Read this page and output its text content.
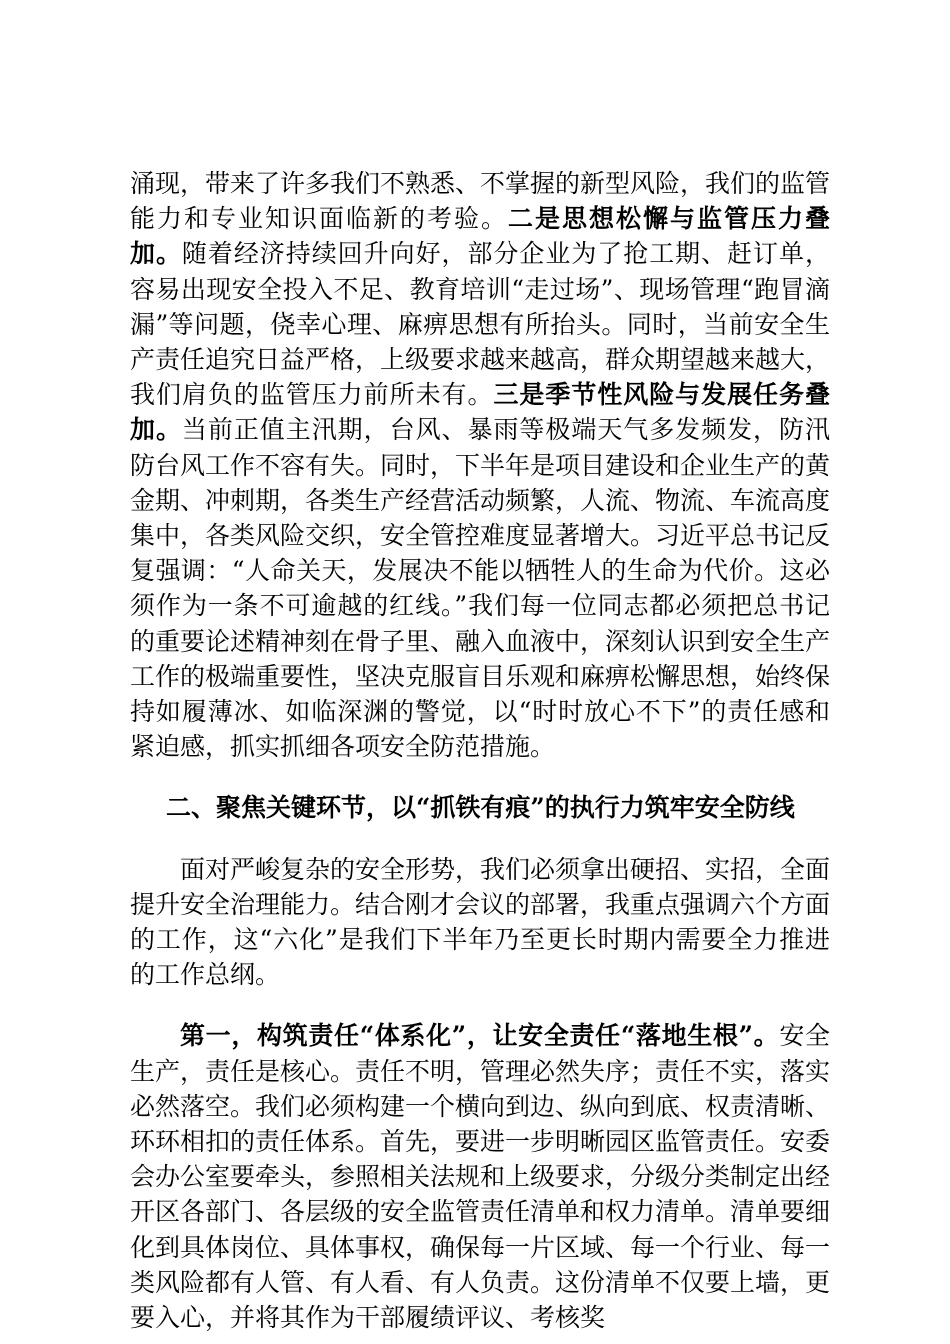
涌现，带来了许多我们不熟悉、不掌握的新型风险，我们的监管能力和专业知识面临新的考验。二是思想松懈与监管压力叠加。随着经济持续回升向好，部分企业为了抢工期、赶订单，容易出现安全投入不足、教育培训“走过场”、现场管理“跑冒滴漏”等问题，侥幸心理、麻痹思想有所抬头。同时，当前安全生产责任追究日益严格，上级要求越来越高，群众期望越来越大，我们肩负的监管压力前所未有。三是季节性风险与发展任务叠加。当前正值主汛期，台风、暴雨等极端天气多发频发，防汛防台风工作不容有失。同时，下半年是项目建设和企业生产的黄金期、冲刺期，各类生产经营活动频繁，人流、物流、车流高度集中，各类风险交织，安全管控难度显著增大。习近平总书记反复强调：“人命关天，发展决不能以牺牲人的生命为代价。这必须作为一条不可逾越的红线。”我们每一位同志都必须把总书记的重要论述精神刻在骨子里、融入血液中，深刻认识到安全生产工作的极端重要性，坚决克服盲目乐观和麻痹松懈思想，始终保持如履薄冰、如临深渊的警觉，以“时时放心不下”的责任感和紧迫感，抓实抓细各项安全防范措施。

二、聚焦关键环节，以“抓铁有痕”的执行力筑牢安全防线

面对严峻复杂的安全形势，我们必须拿出硬招、实招，全面提升安全治理能力。结合刚才会议的部署，我重点强调六个方面的工作，这“六化”是我们下半年乃至更长时期内需要全力推进的工作总纲。

第一，构筑责任“体系化”，让安全责任“落地生根”。安全生产，责任是核心。责任不明，管理必然失序；责任不实，落实必然落空。我们必须构建一个横向到边、纵向到底、权责清晰、环环相扣的责任体系。首先，要进一步明晰园区监管责任。安委会办公室要牵头，参照相关法规和上级要求，分级分类制定出经开区各部门、各层级的安全监管责任清单和权力清单。清单要细化到具体岗位、具体事权，确保每一片区域、每一个行业、每一类风险都有人管、有人看、有人负责。这份清单不仅要上墙，更要入心，并将其作为干部履绩评议、考核奖
